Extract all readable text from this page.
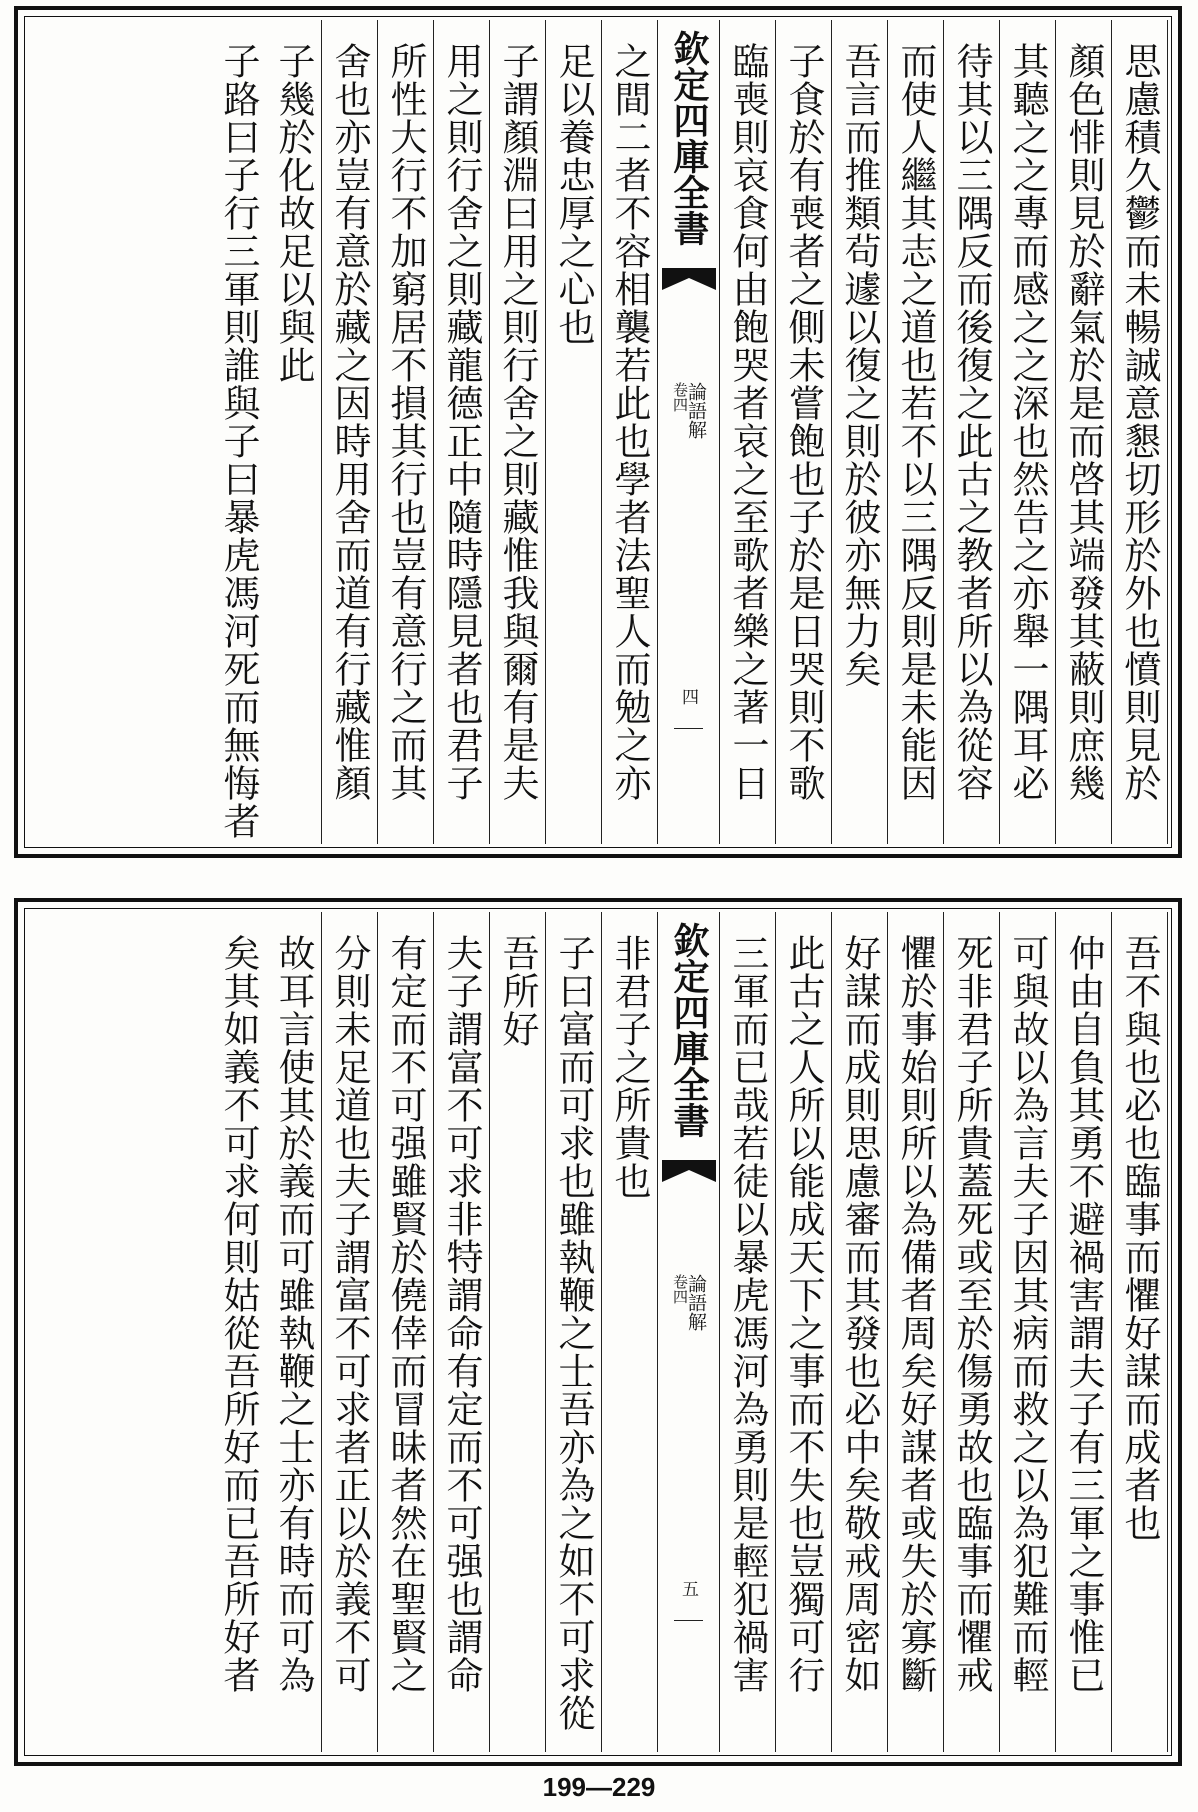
思慮積久鬱而未暢誠意懇切形於外也憤則見於
顏色悱則見於辭氣於是而啓其端發其蔽則庶幾
其聽之之專而感之之深也然告之亦舉一隅耳必
待其以三隅反而後復之此古之教者所以為從容
而使人繼其志之道也若不以三隅反則是未能因
吾言而推類茍遽以復之則於彼亦無力矣
子食於有喪者之側未嘗飽也子於是日哭則不歌
臨喪則哀食何由飽哭者哀之至歌者樂之著一日
欽定四庫全書
論語解
卷四
四
之間二者不容相襲若此也學者法聖人而勉之亦
足以養忠厚之心也
子謂顏淵曰用之則行舍之則藏惟我與爾有是夫
用之則行舍之則藏龍德正中隨時隱見者也君子
所性大行不加窮居不損其行也豈有意行之而其
舍也亦豈有意於藏之因時用舍而道有行藏惟顏
子幾於化故足以與此
子路曰子行三軍則誰與子曰暴虎馮河死而無悔者
吾不與也必也臨事而懼好謀而成者也
仲由自負其勇不避禍害謂夫子有三軍之事惟已
可與故以為言夫子因其病而救之以為犯難而輕
死非君子所貴蓋死或至於傷勇故也臨事而懼戒
懼於事始則所以為備者周矣好謀者或失於寡斷
好謀而成則思慮審而其發也必中矣敬戒周密如
此古之人所以能成天下之事而不失也豈獨可行
三軍而已哉若徒以暴虎馮河為勇則是輕犯禍害
欽定四庫全書
論語解
卷四
五
非君子之所貴也
子曰富而可求也雖執鞭之士吾亦為之如不可求從
吾所好
夫子謂富不可求非特謂命有定而不可强也謂命
有定而不可强雖賢於僥倖而冒昧者然在聖賢之
分則未足道也夫子謂富不可求者正以於義不可
故耳言使其於義而可雖執鞭之士亦有時而可為
矣其如義不可求何則姑從吾所好而已吾所好者
199—229
